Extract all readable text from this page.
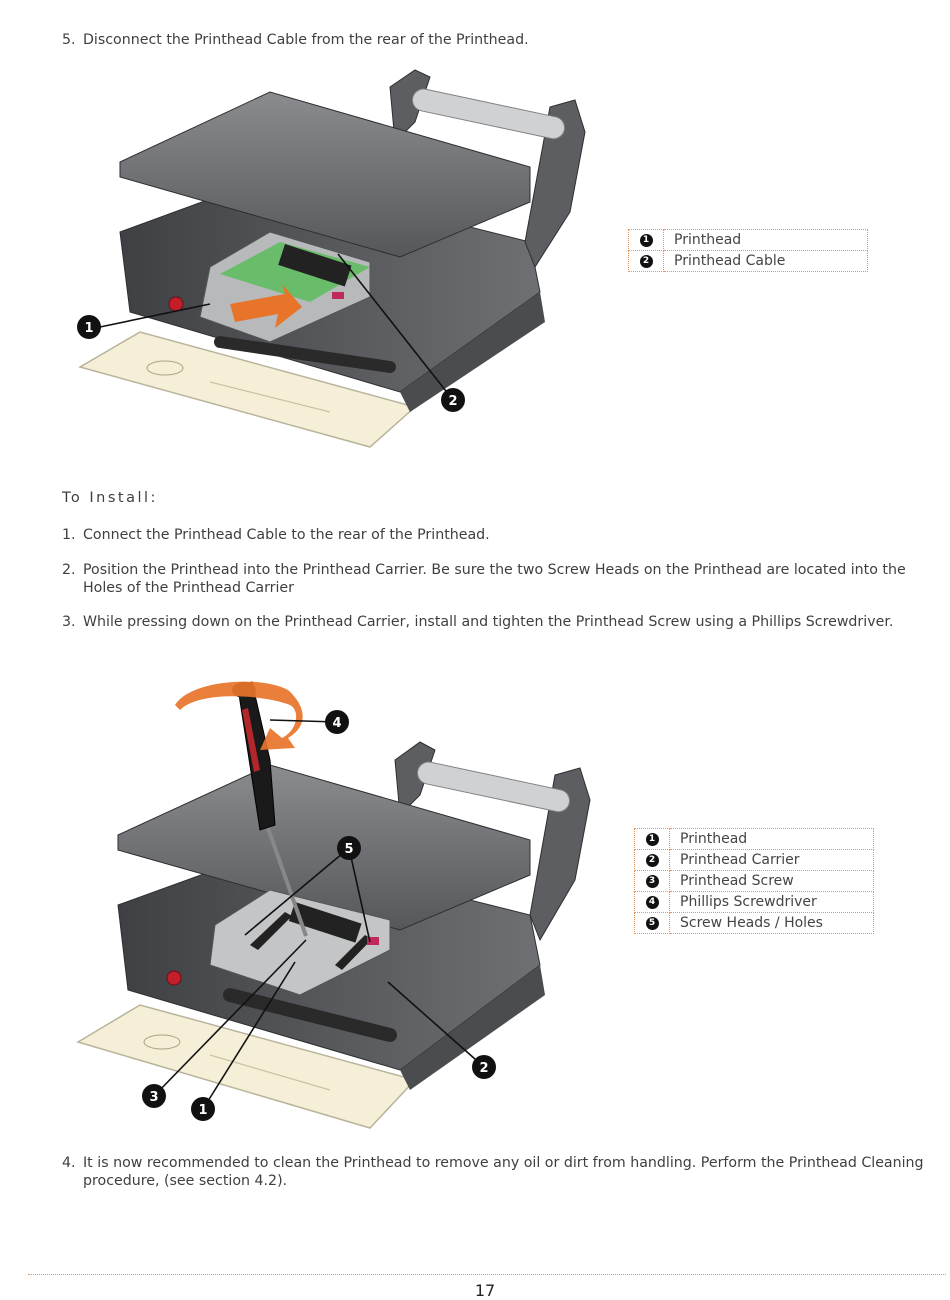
5. Disconnect the Printhead Cable from the rear of the Printhead.
1
2
1	Printhead
2	Printhead Cable
To Install:
1. Connect the Printhead Cable to the rear of the Printhead.
2. Position the Printhead into the Printhead Carrier. Be sure the two Screw Heads on the Printhead are located into the Holes of the Printhead Carrier
3. While pressing down on the Printhead Carrier, install and tighten the Printhead Screw using a Phillips Screwdriver.
4
5
2
3
1
1	Printhead
2	Printhead Carrier
3	Printhead Screw
4	Phillips Screwdriver
5	Screw Heads / Holes
4. It is now recommended to clean the Printhead to remove any oil or dirt from handling. Perform the Printhead Cleaning procedure, (see section 4.2).
17
